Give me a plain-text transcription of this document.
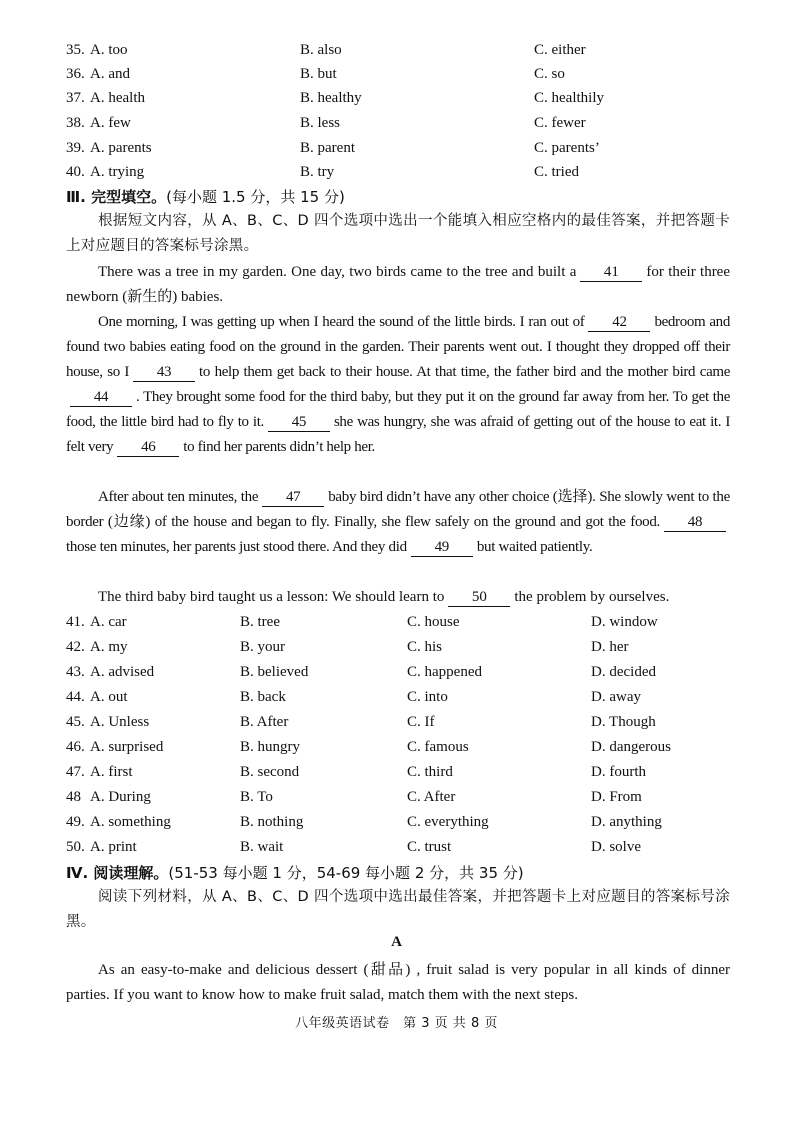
35. A. too	B. also	C. either
36. A. and	B. but	C. so
37. A. health	B. healthy	C. healthily
38. A. few	B. less	C. fewer
39. A. parents	B. parent	C. parents’
40. A. trying	B. try	C. tried
Ⅲ. 完型填空。(每小题 1.5 分，共 15 分)
根据短文内容，从 A、B、C、D 四个选项中选出一个能填入相应空格内的最佳答案，并把答题卡上对应题目的答案标号涂黑。
There was a tree in my garden. One day, two birds came to the tree and built a 41 for their three newborn (新生的) babies.
One morning, I was getting up when I heard the sound of the little birds. I ran out of 42 bedroom and found two babies eating food on the ground in the garden. Their parents went out. I thought they dropped off their house, so I 43 to help them get back to their house. At that time, the father bird and the mother bird came44 . They brought some food for the third baby, but they put it on the ground far away from her. To get the food, the little bird had to fly to it. 45 she was hungry, she was afraid of getting out of the house to eat it. I felt very 46 to find her parents didn’t help her.
After about ten minutes, the 47 baby bird didn’t have any other choice (选择). She slowly went to the border (边缘) of the house and began to fly. Finally, she flew safely on the ground and got the food. 48those ten minutes, her parents just stood there. And they did 49 but waited patiently.
The third baby bird taught us a lesson: We should learn to 50 the problem by ourselves.
41. A. car	B. tree	C. house	D. window
42. A. my	B. your	C. his	D. her
43. A. advised	B. believed	C. happened	D. decided
44. A. out	B. back	C. into	D. away
45. A. Unless	B. After	C. If	D. Though
46. A. surprised	B. hungry	C. famous	D. dangerous
47. A. first	B. second	C. third	D. fourth
48 A. During	B. To	C. After	D. From
49. A. something	B. nothing	C. everything	D. anything
50. A. print	B. wait	C. trust	D. solve
Ⅳ. 阅读理解。(51-53 每小题 1 分，54-69 每小题 2 分，共 35 分)
阅读下列材料，从 A、B、C、D 四个选项中选出最佳答案，并把答题卡上对应题目的答案标号涂黑。
A
As an easy-to-make and delicious dessert (甜品) , fruit salad is very popular in all kinds of dinner parties. If you want to know how to make fruit salad, match them with the next steps.
八年级英语试卷　第 3 页 共 8 页
